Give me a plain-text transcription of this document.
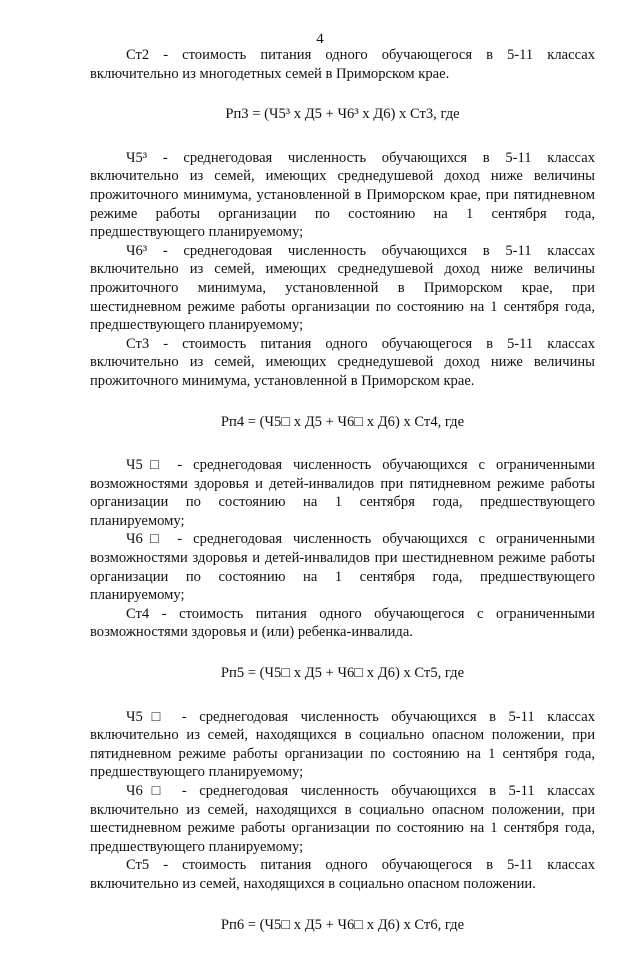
4

Ст2 - стоимость питания одного обучающегося в 5-11 классах включительно из многодетных семей в Приморском крае.

Рп3 = (Ч5³ х Д5 + Ч6³ х Д6) х Ст3, где

Ч5³ - среднегодовая численность обучающихся в 5-11 классах включительно из семей, имеющих среднедушевой доход ниже величины прожиточного минимума, установленной в Приморском крае, при пятидневном режиме работы организации по состоянию на 1 сентября года, предшествующего планируемому;

Ч6³ - среднегодовая численность обучающихся в 5-11 классах включительно из семей, имеющих среднедушевой доход ниже величины прожиточного минимума, установленной в Приморском крае, при шестидневном режиме работы организации по состоянию на 1 сентября года, предшествующего планируемому;

Ст3 - стоимость питания одного обучающегося в 5-11 классах включительно из семей, имеющих среднедушевой доход ниже величины прожиточного минимума, установленной в Приморском крае.

Рп4 = (Ч5□ х Д5 + Ч6□ х Д6) х Ст4, где

Ч5□ - среднегодовая численность обучающихся с ограниченными возможностями здоровья и детей-инвалидов при пятидневном режиме работы организации по состоянию на 1 сентября года, предшествующего планируемому;

Ч6□ - среднегодовая численность обучающихся с ограниченными возможностями здоровья и детей-инвалидов при шестидневном режиме работы организации по состоянию на 1 сентября года, предшествующего планируемому;

Ст4 - стоимость питания одного обучающегося с ограниченными возможностями здоровья и (или) ребенка-инвалида.

Рп5 = (Ч5□ х Д5 + Ч6□ х Д6) х Ст5, где

Ч5□ - среднегодовая численность обучающихся в 5-11 классах включительно из семей, находящихся в социально опасном положении, при пятидневном режиме работы организации по состоянию на 1 сентября года, предшествующего планируемому;

Ч6□ - среднегодовая численность обучающихся в 5-11 классах включительно из семей, находящихся в социально опасном положении, при шестидневном режиме работы организации по состоянию на 1 сентября года, предшествующего планируемому;

Ст5 - стоимость питания одного обучающегося в 5-11 классах включительно из семей, находящихся в социально опасном положении.

Рп6 = (Ч5□ х Д5 + Ч6□ х Д6) х Ст6, где
